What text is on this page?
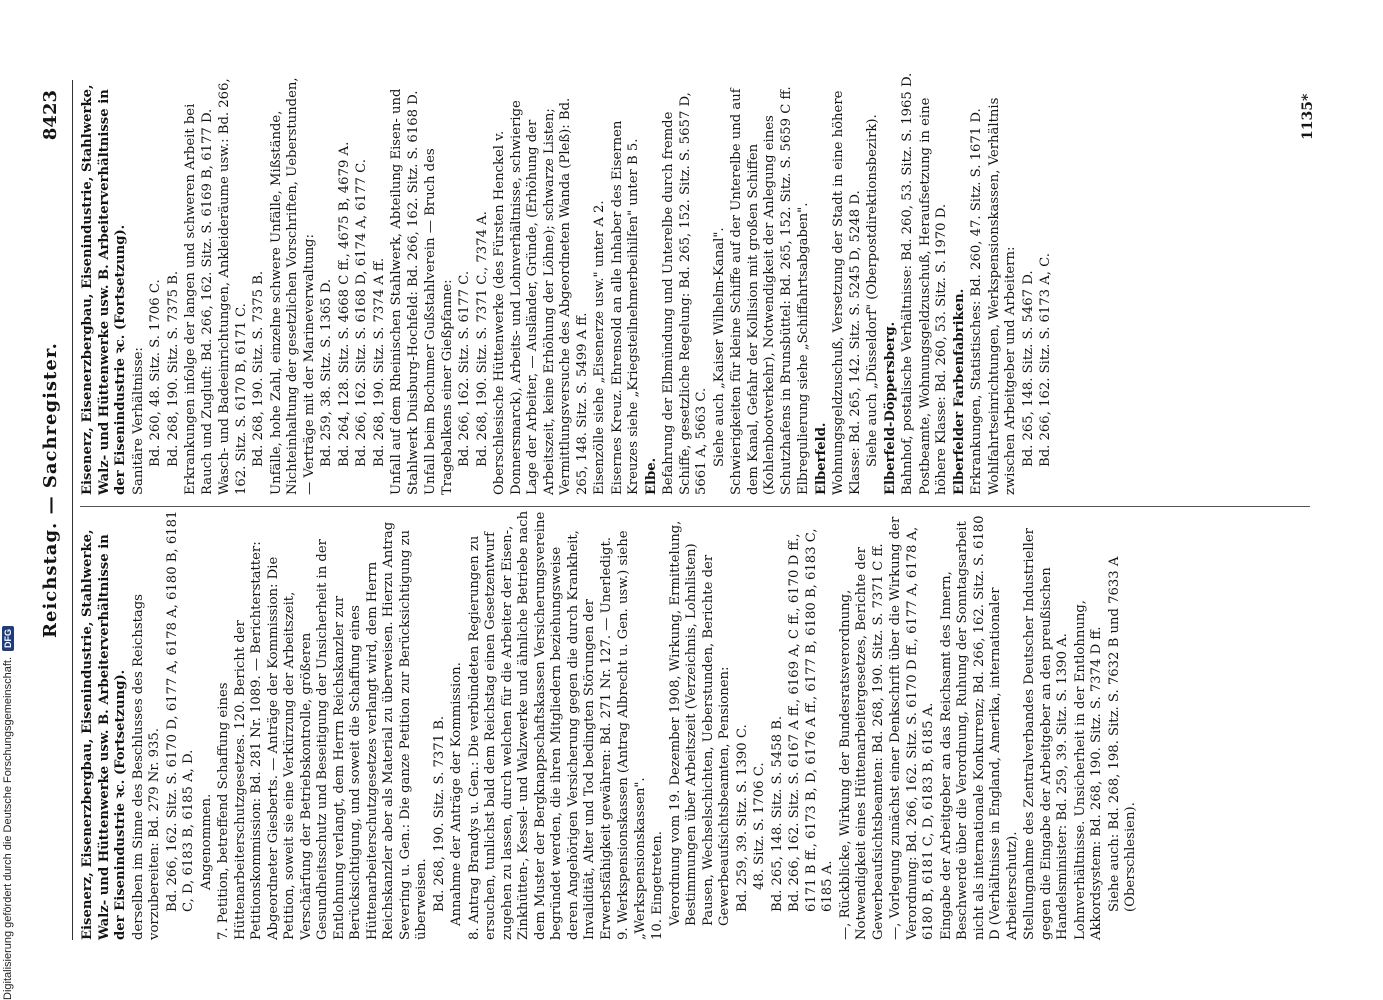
Reichstag. — Sachregister.
8423
Eisenerz, Eisenerzbergbau, Eisenindustrie, Stahlwerke, Walz- und Hüttenwerke usw. B. Arbeiterverhältnisse in der Eisenindustrie ꝛc. (Fortsetzung). derselben im Sinne des Beschlusses des Reichstags vorzubereiten: Bd. 279 Nr. 935. Bd. 266, 162. Sitz. S. 6170 D, 6177 A, 6178 A, 6180 B, 6181 C, D, 6183 B, 6185 A, D. Angenommen. 7. Petition, betreffend Schaffung eines Hüttenarbeiterschutzgesetzes. 120. Bericht der Petitionskommission: Bd. 281 Nr. 1089. — Berichterstatter: Abgeordneter Giesberts. — Anträge der Kommission: Die Petition, soweit sie eine Verkürzung der Arbeitszeit, Verschärfung der Betriebskontrolle, größeren Gesundheitsschutz und Beseitigung der Unsicherheit in der Entlohnung verlangt, dem Herrn Reichskanzler zur Berücksichtigung, und soweit die Schaffung eines Hüttenarbeiterschutzgesetzes verlangt wird, dem Herrn Reichskanzler aber als Material zu überweisen. Hierzu Antrag Severing u. Gen.: Die ganze Petition zur Berücksichtigung zu überweisen. Bd. 268, 190. Sitz. S. 7371 B. Annahme der Anträge der Kommission. 8. Antrag Brandys u. Gen.: Die verbündeten Regierungen zu ersuchen, tunlichst bald dem Reichstag einen Gesetzentwurf zugehen zu lassen, durch welchen für die Arbeiter der Eisen-, Zinkhütten-, Kessel- und Walzwerke und ähnliche Betriebe nach dem Muster der Bergknappschaftskassen Versicherungsvereine begründet werden, die ihren Mitgliedern beziehungsweise deren Angehörigen Versicherung gegen die durch Krankheit, Invalidität, Alter und Tod bedingten Störungen der Erwerbsfähigkeit gewähren: Bd. 271 Nr. 127. — Unerledigt. 9. Werkspensionskassen (Antrag Albrecht u. Gen. usw.) siehe „Werkspensionskassen". 10. Eingetreten. Verordnung vom 19. Dezember 1908, Wirkung, Ermittelung, Bestimmungen über Arbeitszeit (Verzeichnis, Lohnlisten) Pausen, Wechselschichten, Ueberstunden, Berichte der Gewerbeaufsichtsbeamten, Pensionen: Bd. 259, 39. Sitz. S. 1390 C. 48. Sitz. S. 1706 C. Bd. 265, 148. Sitz. S. 5458 B. Bd. 266, 162. Sitz. S. 6167 A ff., 6169 A, C ff., 6170 D ff., 6171 B ff., 6173 B, D, 6176 A ff., 6177 B, 6180 B, 6183 C, 6185 A. —, Rückblicke, Wirkung der Bundesratsverordnung, Notwendigkeit eines Hüttenarbeitergesetzes, Berichte der Gewerbeaufsichtsbeamten: Bd. 268, 190. Sitz. S. 7371 C ff. —, Vorlegung zunächst einer Denkschrift über die Wirkung der Verordnung: Bd. 266, 162. Sitz. S. 6170 D ff., 6177 A, 6178 A, 6180 B, 6181 C, D, 6183 B, 6185 A. Eingabe der Arbeitgeber an das Reichsamt des Innern, Beschwerde über die Verordnung, Ruhung der Sonntagsarbeit nicht als internationale Konkurrenz; Bd. 266, 162. Sitz. S. 6180 D (Verhältnisse in England, Amerika, internationaler Arbeiterschutz). Stellungnahme des Zentralverbandes Deutscher Industrieller gegen die Eingabe der Arbeitgeber an den preußischen Handelsminister: Bd. 259, 39. Sitz. S. 1390 A. Lohnverhältnisse. Unsicherheit in der Entlohnung, Akkordsystem: Bd. 268, 190. Sitz. S. 7374 D ff. Siehe auch: Bd. 268, 198. Sitz. S. 7632 B und 7633 A (Oberschlesien).
Eisenerz, Eisenerzbergbau, Eisenindustrie, Stahlwerke, Walz- und Hüttenwerke usw. B. Arbeiterverhältnisse in der Eisenindustrie ꝛc. (Fortsetzung). Sanitäre Verhältnisse: Bd. 260, 48. Sitz. S. 1706 C. Bd. 268, 190. Sitz. S. 7375 B. Erkrankungen infolge der langen und schweren Arbeit bei Rauch und Zugluft: Bd. 266, 162. Sitz. S. 6169 B, 6177 D. Wasch- und Badeeinrichtungen, Ankleideräume usw.: Bd. 266, 162. Sitz. S. 6170 B, 6171 C. Bd. 268, 190. Sitz. S. 7375 B. Unfälle, hohe Zahl, einzelne schwere Unfälle, Mißstände, Nichteinhaltung der gesetzlichen Vorschriften, Ueberstunden, — Verträge mit der Marineverwaltung: Bd. 259, 38. Sitz. S. 1365 D. Bd. 264, 128. Sitz. S. 4668 C ff., 4675 B, 4679 A. Bd. 266, 162. Sitz. S. 6168 D, 6174 A, 6177 C. Bd. 268, 190. Sitz. S. 7374 A ff. Unfall auf dem Rheinischen Stahlwerk, Abteilung Eisen- und Stahlwerk Duisburg-Hochfeld: Bd. 266, 162. Sitz. S. 6168 D. Unfall beim Bochumer Gußstahlverein — Bruch des Tragebalkens einer Gießpfanne: Bd. 266, 162. Sitz. S. 6177 C. Bd. 268, 190. Sitz. S. 7371 C., 7374 A. Oberschlesische Hüttenwerke (des Fürsten Henckel v. Donnersmarck), Arbeits- und Lohnverhältnisse, schwierige Lage der Arbeiter, — Ausländer, Gründe, (Erhöhung der Arbeitszeit, keine Erhöhung der Löhne); schwarze Listen; Vermittlungsversuche des Abgeordneten Wanda (Pleß): Bd. 265, 148. Sitz. S. 5499 A ff. Eisenzölle siehe „Eisenerze usw." unter A 2. Eisernes Kreuz. Ehrensold an alle Inhaber des Eisernen Kreuzes siehe „Kriegsteilnehmerbeihilfen" unter B 5. Elbe. Befahrung der Elbmündung und Unterelbe durch fremde Schiffe, gesetzliche Regelung: Bd. 265, 152. Sitz. S. 5657 D, 5661 A, 5663 C. Siehe auch „Kaiser Wilhelm-Kanal". Schwierigkeiten für kleine Schiffe auf der Unterelbe und auf dem Kanal, Gefahr der Kollision mit großen Schiffen (Kohlenbootverkehr), Notwendigkeit der Anlegung eines Schutzhafens in Brunsbüttel: Bd. 265, 152. Sitz. S. 5659 C ff. Elbregulierung siehe „Schiffahrtsabgaben". Elberfeld. Wohnungsgeldzuschuß, Versetzung der Stadt in eine höhere Klasse: Bd. 265, 142. Sitz. S. 5245 D, 5248 D. Siehe auch „Düsseldorf" (Oberpostdirektionsbezirk). Elberfeld-Döppersberg. Bahnhof, postalische Verhältnisse: Bd. 260, 53. Sitz. S. 1965 D. Postbeamte, Wohnungsgeldzuschuß, Heraufsetzung in eine höhere Klasse: Bd. 260, 53. Sitz. S. 1970 D. Elberfelder Farbenfabriken. Erkrankungen, Statistisches: Bd. 260, 47. Sitz. S. 1671 D. Wohlfahrtseinrichtungen, Werkspensionskassen, Verhältnis zwischen Arbeitgeber und Arbeitern: Bd. 265, 148. Sitz. S. 5467 D. Bd. 266, 162. Sitz. S. 6173 A, C.
1135*
Digitalisierung gefördert durch die Deutsche Forschungsgemeinschaft.
DFG
